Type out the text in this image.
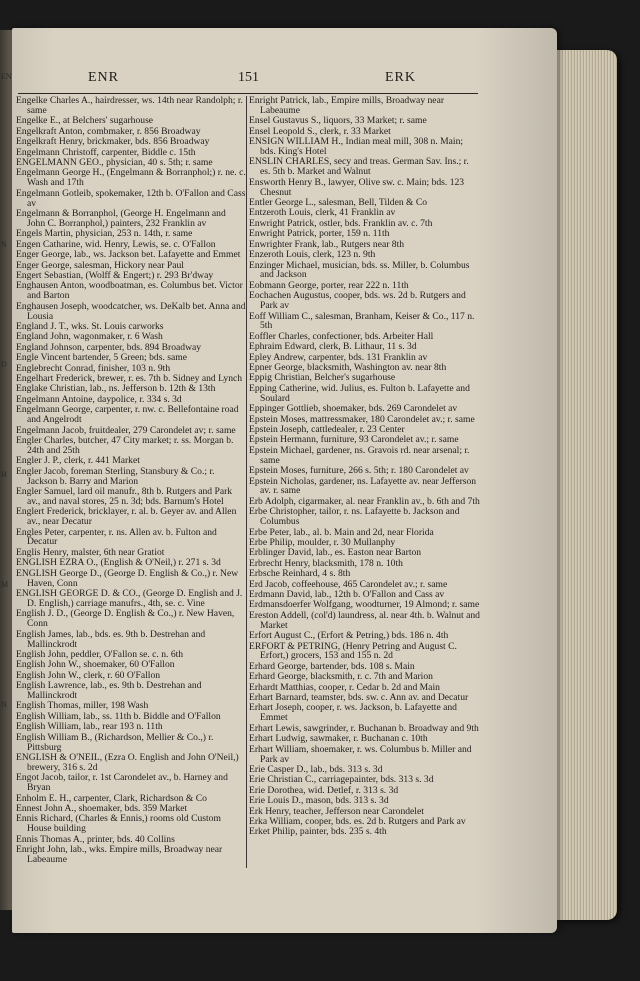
EN
N
D
H
M
N
ENR	151	ERK
Engelke Charles A., hairdresser, ws. 14th near Randolph; r. same
Engelke E., at Belchers' sugarhouse
Engelkraft Anton, combmaker, r. 856 Broadway
Engelkraft Henry, brickmaker, bds. 856 Broadway
Engelmann Christoff, carpenter, Biddle c. 15th
ENGELMANN GEO., physician, 40 s. 5th; r. same
Engelmann George H., (Engelmann & Borranphol;) r. ne. c. Wash and 17th
Engelmann Gotleib, spokemaker, 12th b. O'Fallon and Cass av
Engelmann & Borranphol, (George H. Engelmann and John C. Borranphol,) painters, 232 Franklin av
Engels Martin, physician, 253 n. 14th, r. same
Engen Catharine, wid. Henry, Lewis, se. c. O'Fallon
Enger George, lab., ws. Jackson bet. Lafayette and Emmet
Enger George, salesman, Hickory near Paul
Engert Sebastian, (Wolff & Engert;) r. 293 Br'dway
Enghausen Anton, woodboatman, es. Columbus bet. Victor and Barton
Enghausen Joseph, woodcatcher, ws. DeKalb bet. Anna and Lousia
England J. T., wks. St. Louis carworks
England John, wagonmaker, r. 6 Wash
England Johnson, carpenter, bds. 894 Broadway
Engle Vincent bartender, 5 Green; bds. same
Englebrecht Conrad, finisher, 103 n. 9th
Engelhart Frederick, brewer, r. es. 7th b. Sidney and Lynch
Englake Christian, lab., ns. Jefferson b. 12th & 13th
Engelmann Antoine, daypolice, r. 334 s. 3d
Engelmann George, carpenter, r. nw. c. Bellefontaine road and Angelrodt
Engelmann Jacob, fruitdealer, 279 Carondelet av; r. same
Engler Charles, butcher, 47 City market; r. ss. Morgan b. 24th and 25th
Engler J. P., clerk, r. 441 Market
Engler Jacob, foreman Sterling, Stansbury & Co.; r. Jackson b. Barry and Marion
Engler Samuel, lard oil manufr., 8th b. Rutgers and Park av., and naval stores, 25 n. 3d; bds. Barnum's Hotel
Englert Frederick, bricklayer, r. al. b. Geyer av. and Allen av., near Decatur
Engles Peter, carpenter, r. ns. Allen av. b. Fulton and Decatur
Englis Henry, malster, 6th near Gratiot
ENGLISH EZRA O., (English & O'Neil,) r. 271 s. 3d
ENGLISH George D., (George D. English & Co.,) r. New Haven, Conn
ENGLISH GEORGE D. & CO., (George D. English and J. D. English,) carriage manufrs., 4th, se. c. Vine
English J. D., (George D. English & Co.,) r. New Haven, Conn
English James, lab., bds. es. 9th b. Destrehan and Mallinckrodt
English John, peddler, O'Fallon se. c. n. 6th
English John W., shoemaker, 60 O'Fallon
English John W., clerk, r. 60 O'Fallon
English Lawrence, lab., es. 9th b. Destrehan and Mallinckrodt
English Thomas, miller, 198 Wash
English William, lab., ss. 11th b. Biddle and O'Fallon
English William, lab., rear 193 n. 11th
English William B., (Richardson, Mellier & Co.,) r. Pittsburg
ENGLISH & O'NEIL, (Ezra O. English and John O'Neil,) brewery, 316 s. 2d
Engot Jacob, tailor, r. 1st Carondelet av., b. Harney and Bryan
Enholm E. H., carpenter, Clark, Richardson & Co
Ennest John A., shoemaker, bds. 359 Market
Ennis Richard, (Charles & Ennis,) rooms old Custom House building
Ennis Thomas A., printer, bds. 40 Collins
Enright John, lab., wks. Empire mills, Broadway near Labeaume
Enright Patrick, lab., Empire mills, Broadway near Labeaume
Ensel Gustavus S., liquors, 33 Market; r. same
Ensel Leopold S., clerk, r. 33 Market
ENSIGN WILLIAM H., Indian meal mill, 308 n. Main; bds. King's Hotel
ENSLIN CHARLES, secy and treas. German Sav. Ins.; r. es. 5th b. Market and Walnut
Ensworth Henry B., lawyer, Olive sw. c. Main; bds. 123 Chesnut
Entler George L., salesman, Bell, Tilden & Co
Entzeroth Louis, clerk, 41 Franklin av
Enwright Patrick, ostler, bds. Franklin av. c. 7th
Enwright Patrick, porter, 159 n. 11th
Enwrighter Frank, lab., Rutgers near 8th
Enzeroth Louis, clerk, 123 n. 9th
Enzinger Michael, musician, bds. ss. Miller, b. Columbus and Jackson
Eobmann George, porter, rear 222 n. 11th
Eochachen Augustus, cooper, bds. ws. 2d b. Rutgers and Park av
Eoff William C., salesman, Branham, Keiser & Co., 117 n. 5th
Eoffler Charles, confectioner, bds. Arbeiter Hall
Ephraim Edward, clerk, B. Lithaur, 11 s. 3d
Epley Andrew, carpenter, bds. 131 Franklin av
Epner George, blacksmith, Washington av. near 8th
Eppig Christian, Belcher's sugarhouse
Epping Catherine, wid. Julius, es. Fulton b. Lafayette and Soulard
Eppinger Gottlieb, shoemaker, bds. 269 Carondelet av
Epstein Moses, mattressmaker, 180 Carondelet av.; r. same
Epstein Joseph, cattledealer, r. 23 Center
Epstein Hermann, furniture, 93 Carondelet av.; r. same
Epstein Michael, gardener, ns. Gravois rd. near arsenal; r. same
Epstein Moses, furniture, 266 s. 5th; r. 180 Carondelet av
Epstein Nicholas, gardener, ns. Lafayette av. near Jefferson av. r. same
Erb Adolph, cigarmaker, al. near Franklin av., b. 6th and 7th
Erbe Christopher, tailor, r. ns. Lafayette b. Jackson and Columbus
Erbe Peter, lab., al. b. Main and 2d, near Florida
Erbe Philip, moulder, r. 30 Mullanphy
Erblinger David, lab., es. Easton near Barton
Erbrecht Henry, blacksmith, 178 n. 10th
Erbsche Reinhard, 4 s. 8th
Erd Jacob, coffeehouse, 465 Carondelet av.; r. same
Erdmann David, lab., 12th b. O'Fallon and Cass av
Erdmansdoerfer Wolfgang, woodturner, 19 Almond; r. same
Ereston Addell, (col'd) laundress, al. near 4th. b. Walnut and Market
Erfort August C., (Erfort & Petring,) bds. 186 n. 4th
ERFORT & PETRING, (Henry Petring and August C. Erfort,) grocers, 153 and 155 n. 2d
Erhard George, bartender, bds. 108 s. Main
Erhard George, blacksmith, r. c. 7th and Marion
Erhardt Matthias, cooper, r. Cedar b. 2d and Main
Erhart Barnard, teamster, bds. sw. c. Ann av. and Decatur
Erhart Joseph, cooper, r. ws. Jackson, b. Lafayette and Emmet
Erhart Lewis, sawgrinder, r. Buchanan b. Broadway and 9th
Erhart Ludwig, sawmaker, r. Buchanan c. 10th
Erhart William, shoemaker, r. ws. Columbus b. Miller and Park av
Erie Casper D., lab., bds. 313 s. 3d
Erie Christian C., carriagepainter, bds. 313 s. 3d
Erie Dorothea, wid. Detlef, r. 313 s. 3d
Erie Louis D., mason, bds. 313 s. 3d
Erk Henry, teacher, Jefferson near Carondelet
Erka William, cooper, bds. es. 2d b. Rutgers and Park av
Erket Philip, painter, bds. 235 s. 4th
